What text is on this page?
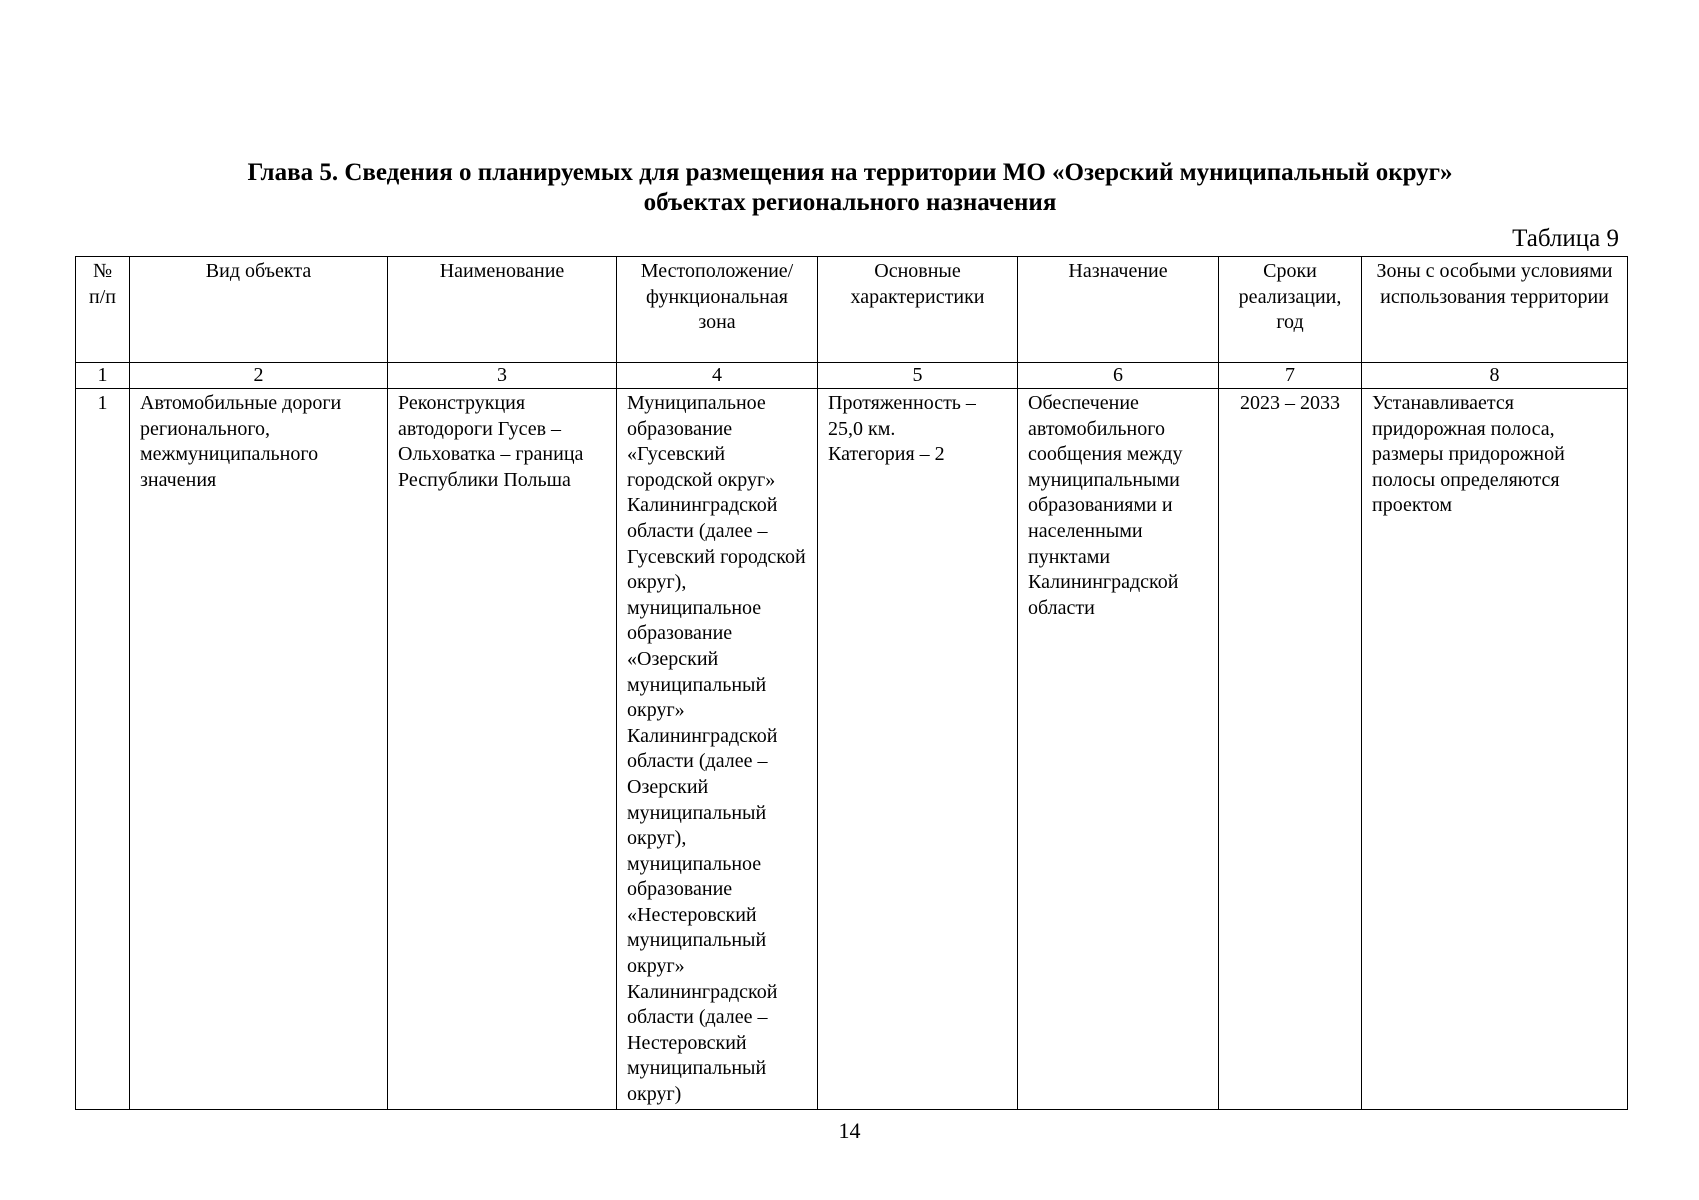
Глава 5. Сведения о планируемых для размещения на территории МО «Озерский муниципальный округ»
объектах регионального назначения
Таблица 9
№ п/п	Вид объекта	Наименование	Местоположение/ функциональная зона	Основные характеристики	Назначение	Сроки реализации, год	Зоны с особыми условиями использования территории
1	2	3	4	5	6	7	8
1	Автомобильные дороги регионального, межмуниципального значения	Реконструкция автодороги Гусев – Ольховатка – граница Республики Польша	Муниципальное образование «Гусевский городской округ» Калининградской области (далее – Гусевский городской округ), муниципальное образование «Озерский муниципальный округ» Калининградской области (далее – Озерский муниципальный округ), муниципальное образование «Нестеровский муниципальный округ» Калининградской области (далее – Нестеровский муниципальный округ)	Протяженность – 25,0 км.
Категория – 2	Обеспечение автомобильного сообщения между муниципальными образованиями и населенными пунктами Калининградской области	2023 – 2033	Устанавливается придорожная полоса, размеры придорожной полосы определяются проектом
14
